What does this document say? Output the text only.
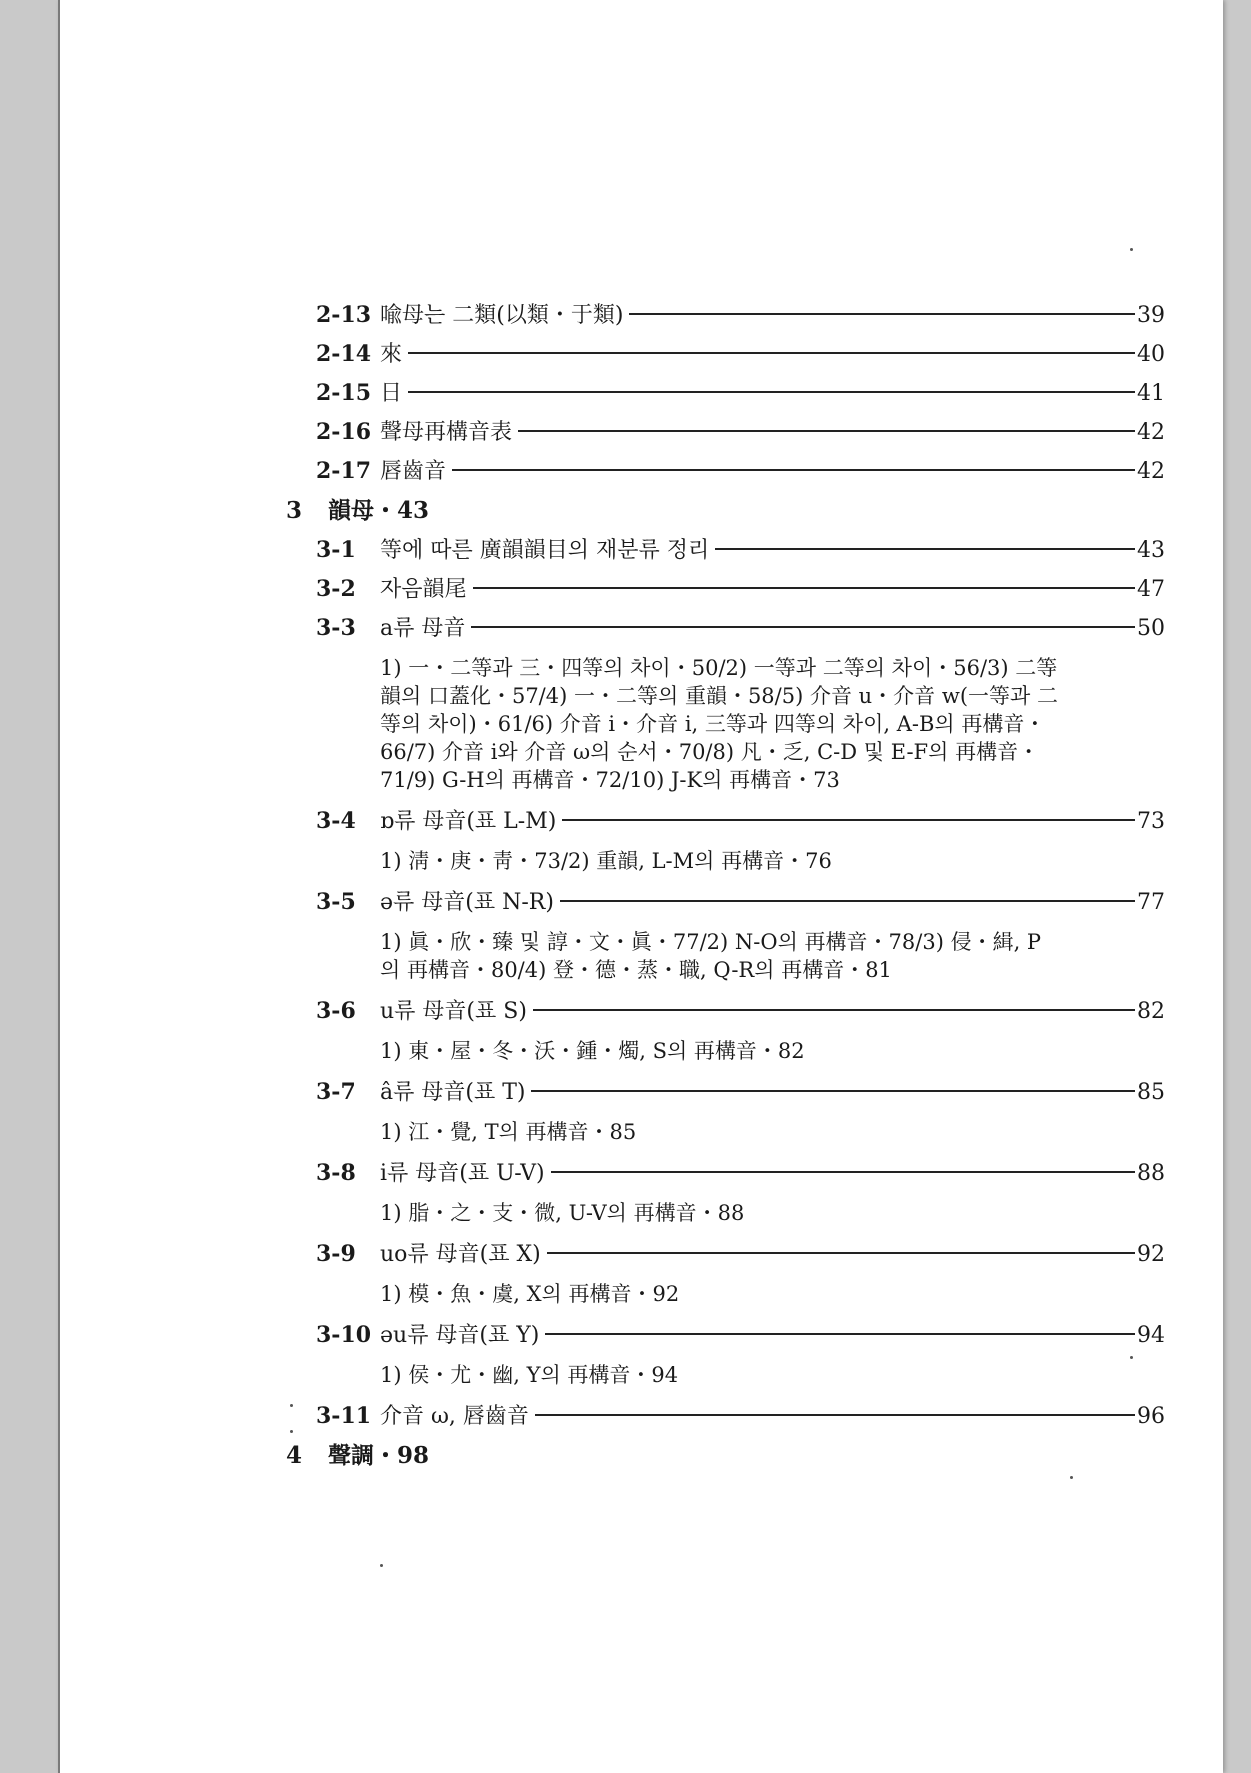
2-13 喩母는 二類(以類・于類)	39
2-14 來	40
2-15 日	41
2-16 聲母再構音表	42
2-17 唇齒音	42
3 韻母・43
3-1	等에 따른 廣韻韻目의 재분류 정리	43
3-2	자음韻尾	47
3-3	a류 母音	50
1) 一・二等과 三・四等의 차이・50/2) 一等과 二等의 차이・56/3) 二等韻의 口蓋化・57/4) 一・二等의 重韻・58/5) 介音 u・介音 w(一等과 二等의 차이)・61/6) 介音 i・介音 i, 三等과 四等의 차이, A-B의 再構音・66/7) 介音 i와 介音 ω의 순서・70/8) 凡・乏, C-D 및 E-F의 再構音・71/9) G-H의 再構音・72/10) J-K의 再構音・73
3-4	ɒ류 母音(표 L-M)	73
1) 淸・庚・靑・73/2) 重韻, L-M의 再構音・76
3-5	ə류 母音(표 N-R)	77
1) 眞・欣・臻 및 諄・文・眞・77/2) N-O의 再構音・78/3) 侵・緝, P의 再構音・80/4) 登・德・蒸・職, Q-R의 再構音・81
3-6	u류 母音(표 S)	82
1) 東・屋・冬・沃・鍾・燭, S의 再構音・82
3-7	â류 母音(표 T)	85
1) 江・覺, T의 再構音・85
3-8	i류 母音(표 U-V)	88
1) 脂・之・支・微, U-V의 再構音・88
3-9	uo류 母音(표 X)	92
1) 模・魚・虞, X의 再構音・92
3-10 əu류 母音(표 Y)	94
1) 侯・尤・幽, Y의 再構音・94
3-11 介音 ω, 唇齒音	96
4 聲調・98
